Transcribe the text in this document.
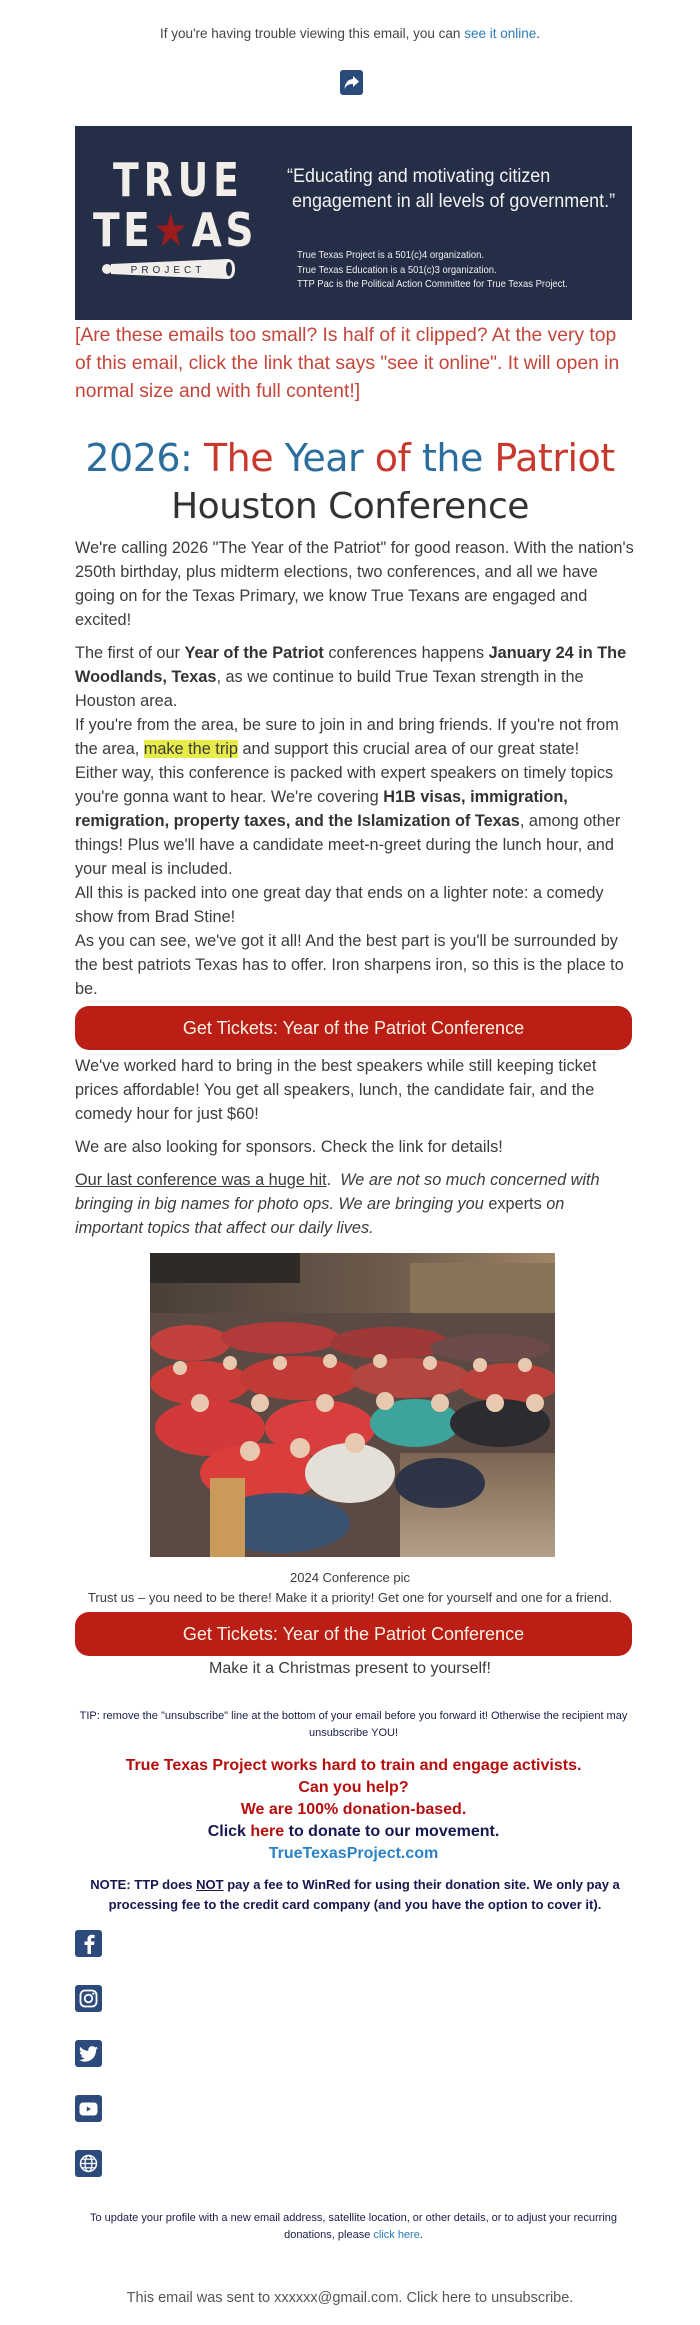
If you're having trouble viewing this email, you can see it online.
TRUE
TE★AS
PROJECT
“Educating and motivating citizen
engagement in all levels of government.”
True Texas Project is a 501(c)4 organization.
True Texas Education is a 501(c)3 organization.
TTP Pac is the Political Action Committee for True Texas Project.
[Are these emails too small? Is half of it clipped? At the very top of this email, click the link that says "see it online". It will open in normal size and with full content!]
2026: The Year of the Patriot
Houston Conference

We're calling 2026 "The Year of the Patriot" for good reason. With the nation's 250th birthday, plus midterm elections, two conferences, and all we have going on for the Texas Primary, we know True Texans are engaged and excited!

The first of our Year of the Patriot conferences happens January 24 in The Woodlands, Texas, as we continue to build True Texan strength in the Houston area.

If you're from the area, be sure to join in and bring friends. If you're not from the area, make the trip and support this crucial area of our great state!

Either way, this conference is packed with expert speakers on timely topics you're gonna want to hear. We're covering H1B visas, immigration, remigration, property taxes, and the Islamization of Texas, among other things! Plus we'll have a candidate meet-n-greet during the lunch hour, and your meal is included.

All this is packed into one great day that ends on a lighter note: a comedy show from Brad Stine!

As you can see, we've got it all! And the best part is you'll be surrounded by the best patriots Texas has to offer. Iron sharpens iron, so this is the place to be.

Get Tickets: Year of the Patriot Conference

We've worked hard to bring in the best speakers while still keeping ticket prices affordable! You get all speakers, lunch, the candidate fair, and the comedy hour for just $60!

We are also looking for sponsors. Check the link for details!

Our last conference was a huge hit.  We are not so much concerned with bringing in big names for photo ops. We are bringing you experts on important topics that affect our daily lives.

2024 Conference pic
Trust us – you need to be there! Make it a priority! Get one for yourself and one for a friend.
Get Tickets: Year of the Patriot Conference
Make it a Christmas present to yourself!
TIP: remove the "unsubscribe" line at the bottom of your email before you forward it! Otherwise the recipient may unsubscribe YOU!
True Texas Project works hard to train and engage activists.
Can you help?
We are 100% donation-based.
Click here to donate to our movement.
TrueTexasProject.com
NOTE: TTP does NOT pay a fee to WinRed for using their donation site. We only pay a processing fee to the credit card company (and you have the option to cover it).
To update your profile with a new email address, satellite location, or other details, or to adjust your recurring donations, please click here.
This email was sent to xxxxxx@gmail.com. Click here to unsubscribe.
